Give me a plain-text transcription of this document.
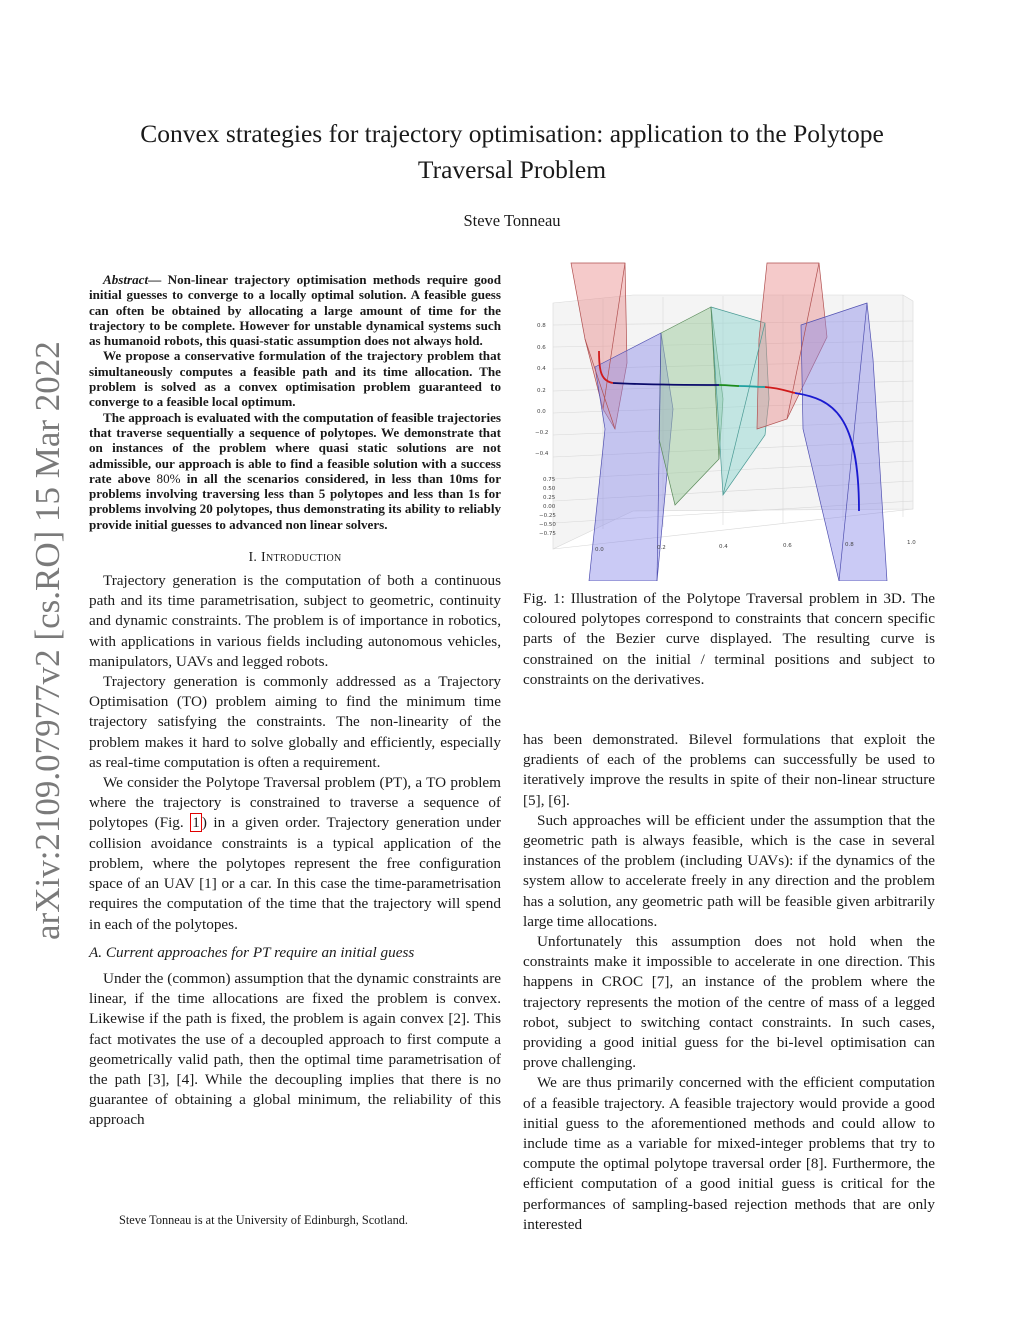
Convex strategies for trajectory optimisation: application to the Polytope
Traversal Problem
Steve Tonneau
arXiv:2109.07977v2 [cs.RO] 15 Mar 2022

Abstract— Non-linear trajectory optimisation methods require good initial guesses to converge to a locally optimal solution. A feasible guess can often be obtained by allocating a large amount of time for the trajectory to be complete. However for unstable dynamical systems such as humanoid robots, this quasi-static assumption does not always hold.

We propose a conservative formulation of the trajectory problem that simultaneously computes a feasible path and its time allocation. The problem is solved as a convex optimisation problem guaranteed to converge to a feasible local optimum.

The approach is evaluated with the computation of feasible trajectories that traverse sequentially a sequence of polytopes. We demonstrate that on instances of the problem where quasi static solutions are not admissible, our approach is able to find a feasible solution with a success rate above 80% in all the scenarios considered, in less than 10ms for problems involving traversing less than 5 polytopes and less than 1s for problems involving 20 polytopes, thus demonstrating its ability to reliably provide initial guesses to advanced non linear solvers.

I. Introduction

Trajectory generation is the computation of both a continuous path and its time parametrisation, subject to geometric, continuity and dynamic constraints. The problem is of importance in robotics, with applications in various fields including autonomous vehicles, manipulators, UAVs and legged robots.

Trajectory generation is commonly addressed as a Trajectory Optimisation (TO) problem aiming to find the minimum time trajectory satisfying the constraints. The non-linearity of the problem makes it hard to solve globally and efficiently, especially as real-time computation is often a requirement.

We consider the Polytope Traversal problem (PT), a TO problem where the trajectory is constrained to traverse a sequence of polytopes (Fig. 1 ) in a given order. Trajectory generation under collision avoidance constraints is a typical application of the problem, where the polytopes represent the free configuration space of an UAV [1] or a car. In this case the time-parametrisation requires the computation of the time that the trajectory will spend in each of the polytopes.

A. Current approaches for PT require an initial guess

Under the (common) assumption that the dynamic constraints are linear, if the time allocations are fixed the problem is convex. Likewise if the path is fixed, the problem is again convex [2]. This fact motivates the use of a decoupled approach to first compute a geometrically valid path, then the optimal time parametrisation of the path [3], [4]. While the decoupling implies that there is no guarantee of obtaining a global minimum, the reliability of this approach

Steve Tonneau is at the University of Edinburgh, Scotland.
0.8
0.6
0.4
0.2
0.0
−0.2
−0.4
0.75
0.50
0.25
0.00
−0.25
−0.50
−0.75
0.0	0.2	0.4	0.6	0.8	1.0
Fig. 1: Illustration of the Polytope Traversal problem in 3D. The coloured polytopes correspond to constraints that concern specific parts of the Bezier curve displayed. The resulting curve is constrained on the initial / terminal positions and subject to constraints on the derivatives.

has been demonstrated. Bilevel formulations that exploit the gradients of each of the problems can successfully be used to iteratively improve the results in spite of their non-linear structure [5], [6].

Such approaches will be efficient under the assumption that the geometric path is always feasible, which is the case in several instances of the problem (including UAVs): if the dynamics of the system allow to accelerate freely in any direction and the problem has a solution, any geometric path will be feasible given arbitrarily large time allocations.

Unfortunately this assumption does not hold when the constraints make it impossible to accelerate in one direction. This happens in CROC [7], an instance of the problem where the trajectory represents the motion of the centre of mass of a legged robot, subject to switching contact constraints. In such cases, providing a good initial guess for the bi-level optimisation can prove challenging.

We are thus primarily concerned with the efficient computation of a feasible trajectory. A feasible trajectory would provide a good initial guess to the aforementioned methods and could allow to include time as a variable for mixed-integer problems that try to compute the optimal polytope traversal order [8]. Furthermore, the efficient computation of a good initial guess is critical for the performances of sampling-based rejection methods that are only interested
